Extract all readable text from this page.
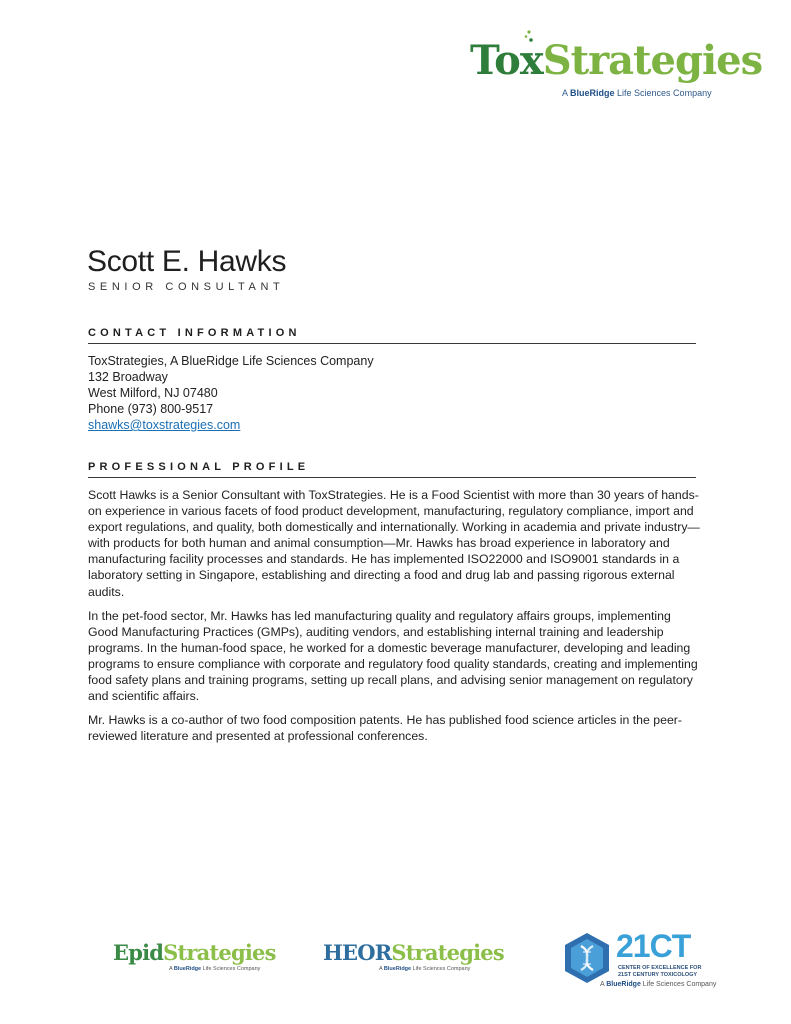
ToxStrategies
A BlueRidge Life Sciences Company
Scott E. Hawks
SENIOR CONSULTANT
CONTACT INFORMATION
ToxStrategies, A BlueRidge Life Sciences Company
132 Broadway
West Milford, NJ 07480
Phone (973) 800-9517
shawks@toxstrategies.com
PROFESSIONAL PROFILE

Scott Hawks is a Senior Consultant with ToxStrategies. He is a Food Scientist with more than 30 years of hands-on experience in various facets of food product development, manufacturing, regulatory compliance, import and export regulations, and quality, both domestically and internationally. Working in academia and private industry—with products for both human and animal consumption—Mr. Hawks has broad experience in laboratory and manufacturing facility processes and standards. He has implemented ISO22000 and ISO9001 standards in a laboratory setting in Singapore, establishing and directing a food and drug lab and passing rigorous external audits.

In the pet-food sector, Mr. Hawks has led manufacturing quality and regulatory affairs groups, implementing Good Manufacturing Practices (GMPs), auditing vendors, and establishing internal training and leadership programs. In the human-food space, he worked for a domestic beverage manufacturer, developing and leading programs to ensure compliance with corporate and regulatory food quality standards, creating and implementing food safety plans and training programs, setting up recall plans, and advising senior management on regulatory and scientific affairs.

Mr. Hawks is a co-author of two food composition patents. He has published food science articles in the peer-reviewed literature and presented at professional conferences.

EpidStrategies
A BlueRidge Life Sciences Company
HEORStrategies
A BlueRidge Life Sciences Company
21CT
CENTER OF EXCELLENCE FOR
21ST CENTURY TOXICOLOGY
A BlueRidge Life Sciences Company
